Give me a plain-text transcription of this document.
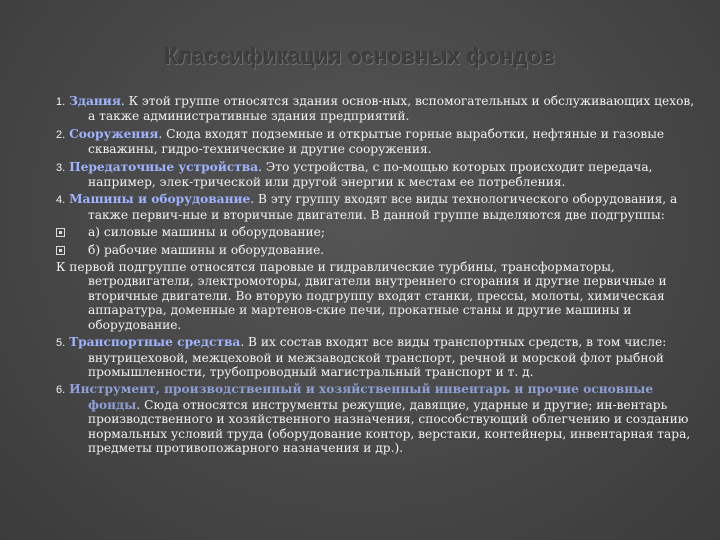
Классификация основных фондов

1. Здания. К этой группе относятся здания основ-ных, вспомогательных и обслуживающих цехов, а также административные здания предприятий.

2. Сооружения. Сюда входят подземные и открытые горные выработки, нефтяные и газовые скважины, гидро-технические и другие сооружения.

3. Передаточные устройства. Это устройства, с по-мощью которых происходит передача, например, элек-трической или другой энергии к местам ее потребления.

4. Машины и оборудование. В эту группу входят все виды технологического оборудования, а также первич-ные и вторичные двигатели. В данной группе выделяются две подгруппы:

а) силовые машины и оборудование;

б) рабочие машины и оборудование.

К первой подгруппе относятся паровые и гидравлические турбины, трансформаторы, ветродвигатели, электромоторы, двигатели внутреннего сгорания и другие первичные и вторичные двигатели. Во вторую подгруппу входят станки, прессы, молоты, химическая аппаратура, доменные и мартенов-ские печи, прокатные станы и другие машины и оборудование.

5. Транспортные средства. В их состав входят все виды транспортных средств, в том числе: внутрицеховой, межцеховой и межзаводской транспорт, речной и морской флот рыбной промышленности, трубопроводный магистральный транспорт и т. д.

6. Инструмент, производственный и хозяйственный инвентарь и прочие основные фонды. Сюда относятся инструменты режущие, давящие, ударные и другие; ин-вентарь производственного и хозяйственного назначения, способствующий облегчению и созданию нормальных условий труда (оборудование контор, верстаки, контейнеры, инвентарная тара, предметы противопожарного назначения и др.).
